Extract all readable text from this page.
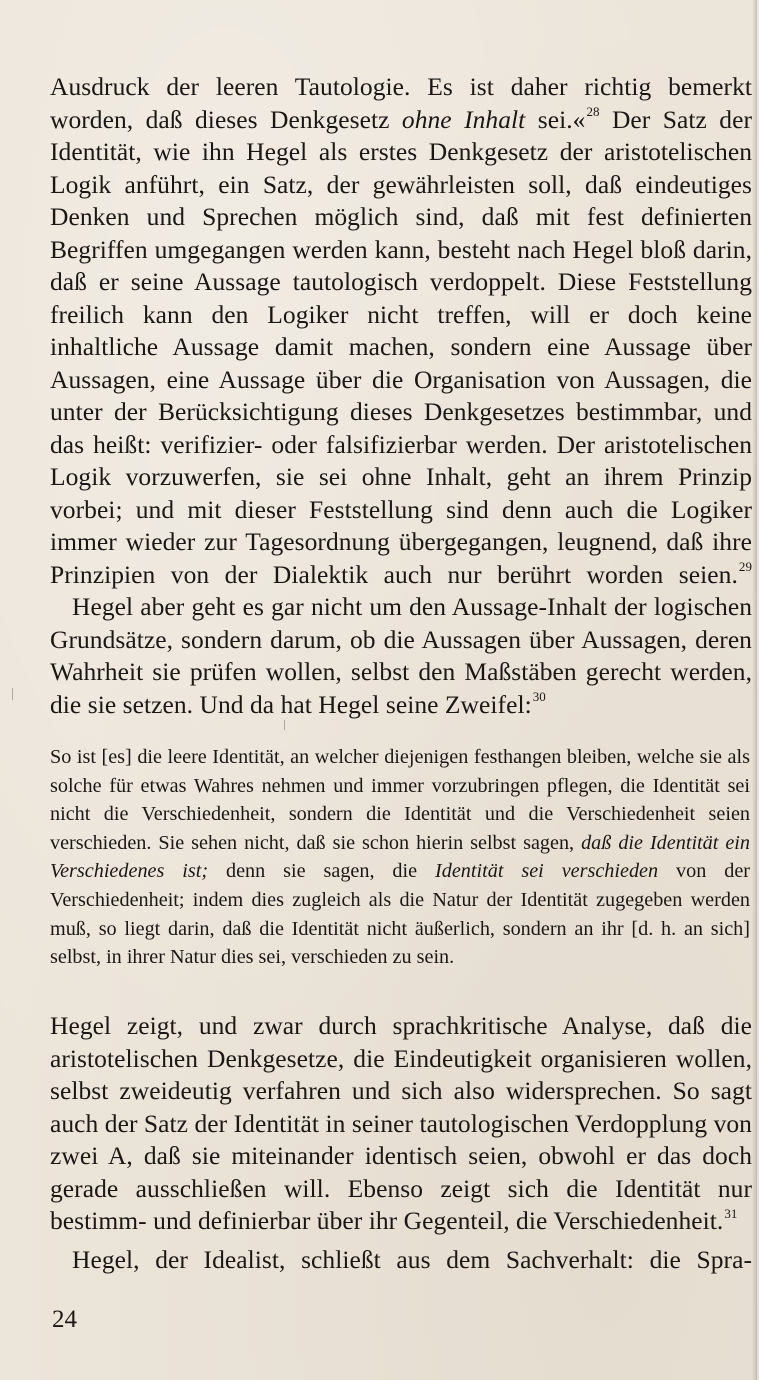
Ausdruck der leeren Tautologie. Es ist daher richtig bemerkt worden, daß dieses Denkgesetz ohne Inhalt sei.«$^{28}$ Der Satz der Identität, wie ihn Hegel als erstes Denkgesetz der aristotelischen Logik anführt, ein Satz, der gewährleisten soll, daß eindeutiges Denken und Sprechen möglich sind, daß mit fest definierten Begriffen umgegangen werden kann, besteht nach Hegel bloß darin, daß er seine Aussage tautologisch verdoppelt. Diese Feststellung freilich kann den Logiker nicht treffen, will er doch keine inhaltliche Aussage damit machen, sondern eine Aussage über Aussagen, eine Aussage über die Organisation von Aussagen, die unter der Berücksichtigung dieses Denkgesetzes bestimmbar, und das heißt: verifizier- oder falsifizierbar werden. Der aristotelischen Logik vorzuwerfen, sie sei ohne Inhalt, geht an ihrem Prinzip vorbei; und mit dieser Feststellung sind denn auch die Logiker immer wieder zur Tagesordnung übergegangen, leugnend, daß ihre Prinzipien von der Dialektik auch nur berührt worden seien.$^{29}$

Hegel aber geht es gar nicht um den Aussage-Inhalt der logischen Grundsätze, sondern darum, ob die Aussagen über Aussagen, deren Wahrheit sie prüfen wollen, selbst den Maßstäben gerecht werden, die sie setzen. Und da hat Hegel seine Zweifel:$^{30}$

So ist [es] die leere Identität, an welcher diejenigen festhangen bleiben, welche sie als solche für etwas Wahres nehmen und immer vorzubringen pflegen, die Identität sei nicht die Verschiedenheit, sondern die Identität und die Verschiedenheit seien verschieden. Sie sehen nicht, daß sie schon hierin selbst sagen, daß die Identität ein Verschiedenes ist; denn sie sagen, die Identität sei verschieden von der Verschiedenheit; indem dies zugleich als die Natur der Identität zugegeben werden muß, so liegt darin, daß die Identität nicht äußerlich, sondern an ihr [d. h. an sich] selbst, in ihrer Natur dies sei, verschieden zu sein.

Hegel zeigt, und zwar durch sprachkritische Analyse, daß die aristotelischen Denkgesetze, die Eindeutigkeit organisieren wollen, selbst zweideutig verfahren und sich also widersprechen. So sagt auch der Satz der Identität in seiner tautologischen Verdopplung von zwei A, daß sie miteinander identisch seien, obwohl er das doch gerade ausschließen will. Ebenso zeigt sich die Identität nur bestimm- und definierbar über ihr Gegenteil, die Verschiedenheit.$^{31}$

Hegel, der Idealist, schließt aus dem Sachverhalt: die Spra-

24
